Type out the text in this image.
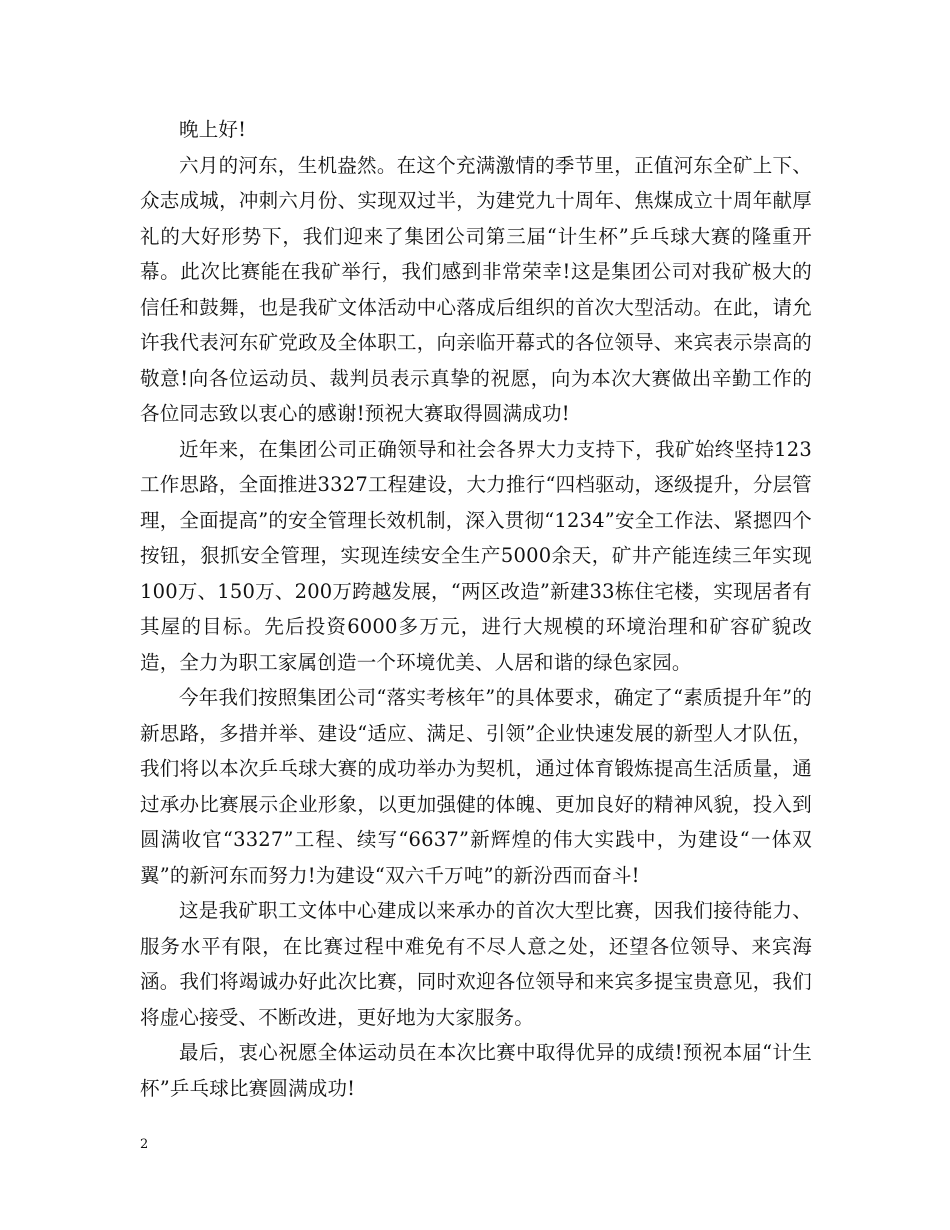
晚上好!

六月的河东，生机盎然。在这个充满激情的季节里，正值河东全矿上下、众志成城，冲刺六月份、实现双过半，为建党九十周年、焦煤成立十周年献厚礼的大好形势下，我们迎来了集团公司第三届“计生杯”乒乓球大赛的隆重开幕。此次比赛能在我矿举行，我们感到非常荣幸!这是集团公司对我矿极大的信任和鼓舞，也是我矿文体活动中心落成后组织的首次大型活动。在此，请允许我代表河东矿党政及全体职工，向亲临开幕式的各位领导、来宾表示崇高的敬意!向各位运动员、裁判员表示真挚的祝愿，向为本次大赛做出辛勤工作的各位同志致以衷心的感谢!预祝大赛取得圆满成功!

近年来，在集团公司正确领导和社会各界大力支持下，我矿始终坚持123工作思路，全面推进3327工程建设，大力推行“四档驱动，逐级提升，分层管理，全面提高”的安全管理长效机制，深入贯彻“1234”安全工作法、紧摁四个按钮，狠抓安全管理，实现连续安全生产5000余天，矿井产能连续三年实现100万、150万、200万跨越发展，“两区改造”新建33栋住宅楼，实现居者有其屋的目标。先后投资6000多万元，进行大规模的环境治理和矿容矿貌改造，全力为职工家属创造一个环境优美、人居和谐的绿色家园。

今年我们按照集团公司“落实考核年”的具体要求，确定了“素质提升年”的新思路，多措并举、建设“适应、满足、引领”企业快速发展的新型人才队伍，我们将以本次乒乓球大赛的成功举办为契机，通过体育锻炼提高生活质量，通过承办比赛展示企业形象，以更加强健的体魄、更加良好的精神风貌，投入到圆满收官“3327”工程、续写“6637”新辉煌的伟大实践中，为建设“一体双翼”的新河东而努力!为建设“双六千万吨”的新汾西而奋斗!

这是我矿职工文体中心建成以来承办的首次大型比赛，因我们接待能力、服务水平有限，在比赛过程中难免有不尽人意之处，还望各位领导、来宾海涵。我们将竭诚办好此次比赛，同时欢迎各位领导和来宾多提宝贵意见，我们将虚心接受、不断改进，更好地为大家服务。

最后，衷心祝愿全体运动员在本次比赛中取得优异的成绩!预祝本届“计生杯”乒乓球比赛圆满成功!

2
